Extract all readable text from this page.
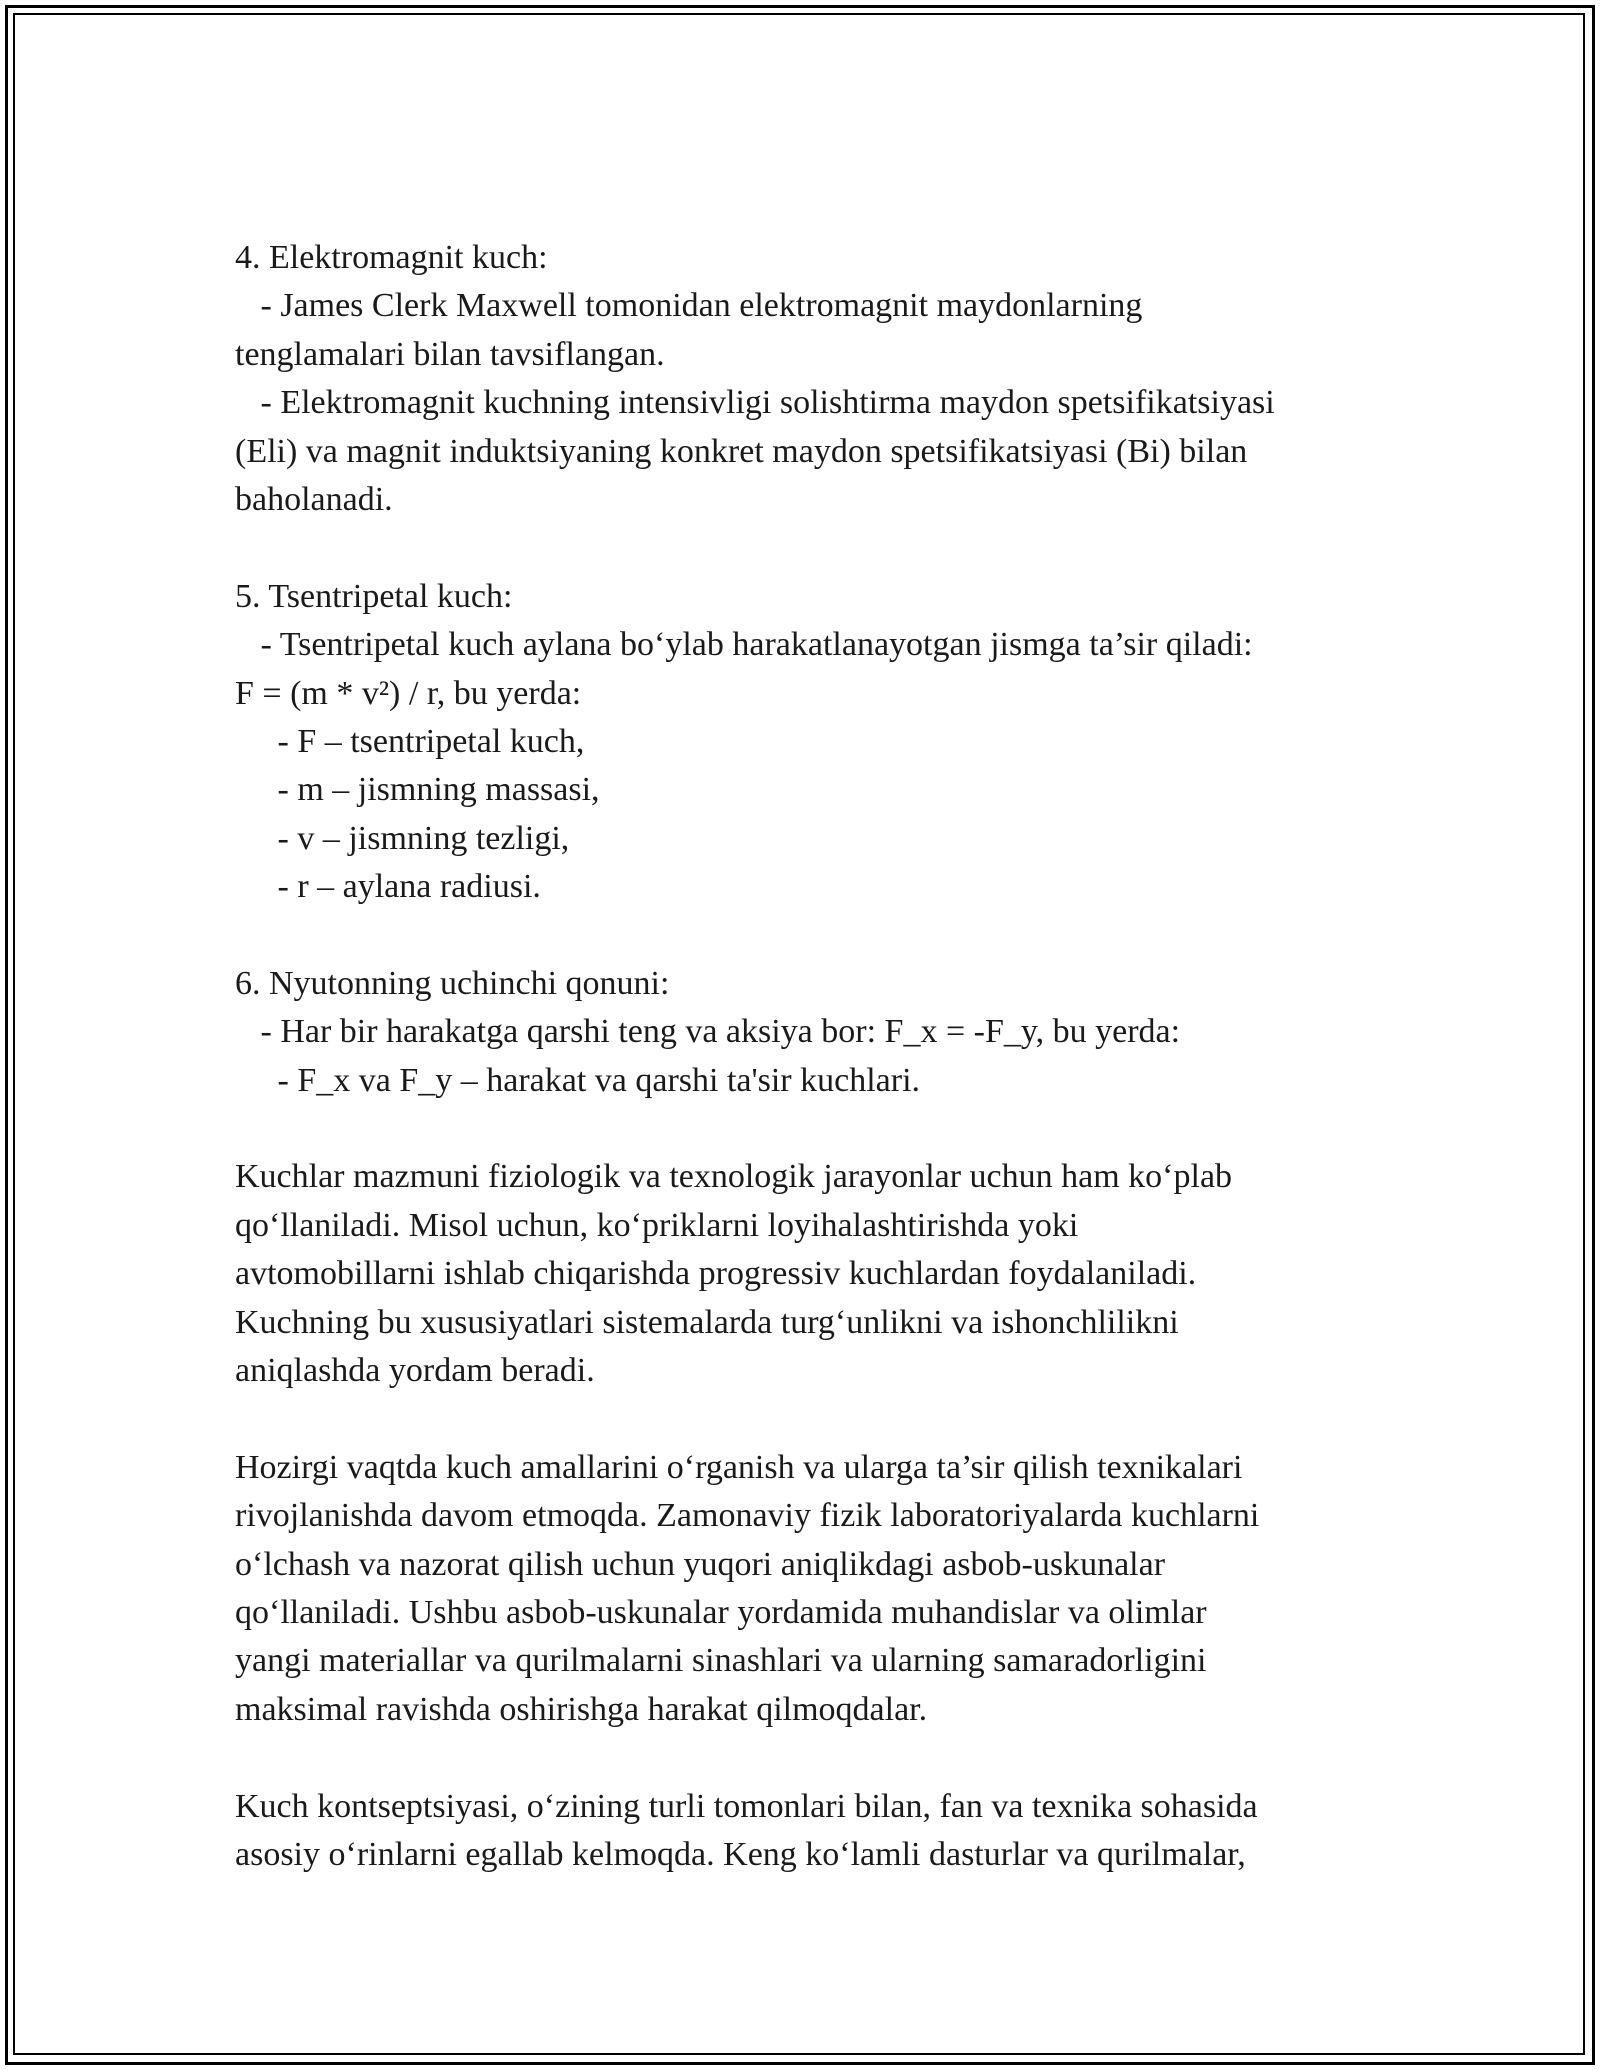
4. Elektromagnit kuch:
- James Clerk Maxwell tomonidan elektromagnit maydonlarning
tenglamalari bilan tavsiflangan.
- Elektromagnit kuchning intensivligi solishtirma maydon spetsifikatsiyasi
(Eli) va magnit induktsiyaning konkret maydon spetsifikatsiyasi (Bi) bilan
baholanadi.
5. Tsentripetal kuch:
- Tsentripetal kuch aylana bo‘ylab harakatlanayotgan jismga ta’sir qiladi:
F = (m * v²) / r, bu yerda:
- F – tsentripetal kuch,
- m – jismning massasi,
- v – jismning tezligi,
- r – aylana radiusi.
6. Nyutonning uchinchi qonuni:
- Har bir harakatga qarshi teng va aksiya bor: F_x = -F_y, bu yerda:
- F_x va F_y – harakat va qarshi ta'sir kuchlari.
Kuchlar mazmuni fiziologik va texnologik jarayonlar uchun ham ko‘plab
qo‘llaniladi. Misol uchun, ko‘priklarni loyihalashtirishda yoki
avtomobillarni ishlab chiqarishda progressiv kuchlardan foydalaniladi.
Kuchning bu xususiyatlari sistemalarda turg‘unlikni va ishonchlilikni
aniqlashda yordam beradi.
Hozirgi vaqtda kuch amallarini o‘rganish va ularga ta’sir qilish texnikalari
rivojlanishda davom etmoqda. Zamonaviy fizik laboratoriyalarda kuchlarni
o‘lchash va nazorat qilish uchun yuqori aniqlikdagi asbob-uskunalar
qo‘llaniladi. Ushbu asbob-uskunalar yordamida muhandislar va olimlar
yangi materiallar va qurilmalarni sinashlari va ularning samaradorligini
maksimal ravishda oshirishga harakat qilmoqdalar.
Kuch kontseptsiyasi, o‘zining turli tomonlari bilan, fan va texnika sohasida
asosiy o‘rinlarni egallab kelmoqda. Keng ko‘lamli dasturlar va qurilmalar,
